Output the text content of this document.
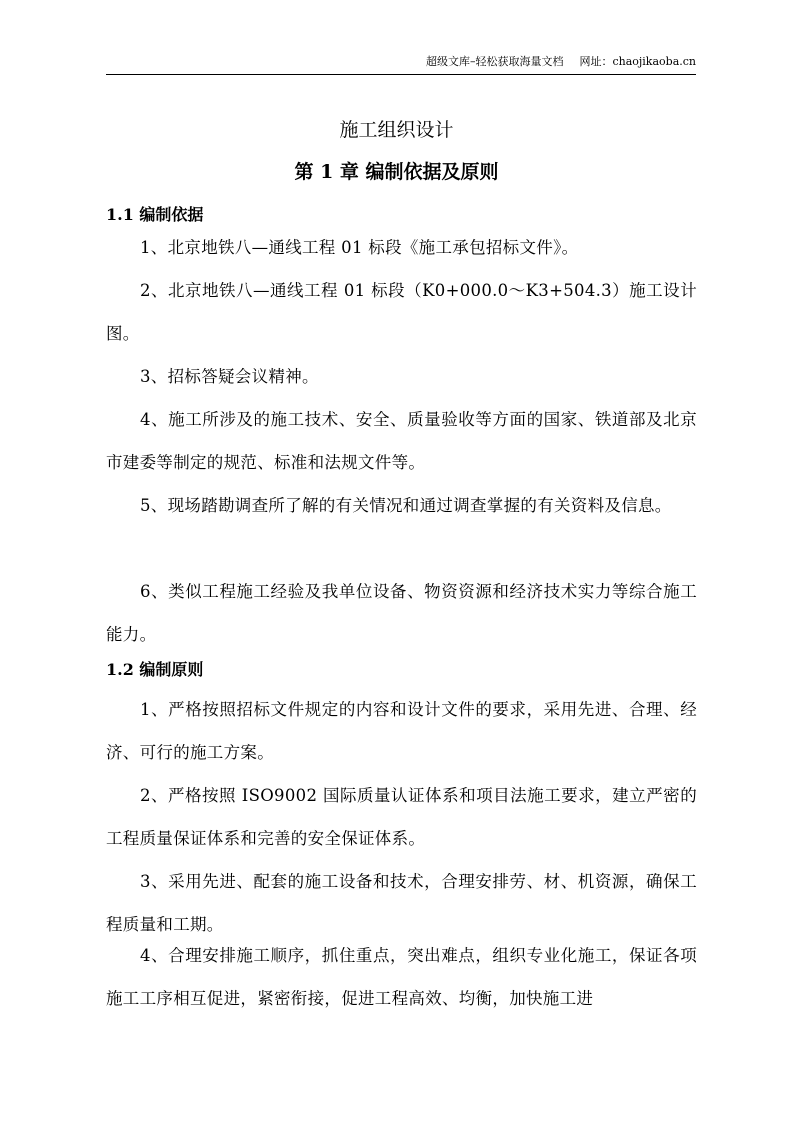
超级文库–轻松获取海量文档 网址：chaojikaoba.cn
施工组织设计
第 1 章 编制依据及原则
1.1 编制依据
1、北京地铁八—通线工程 01 标段《施工承包招标文件》。
2、北京地铁八—通线工程 01 标段（K0+000.0～K3+504.3）施工设计图。
3、招标答疑会议精神。
4、施工所涉及的施工技术、安全、质量验收等方面的国家、铁道部及北京市建委等制定的规范、标准和法规文件等。
5、现场踏勘调查所了解的有关情况和通过调查掌握的有关资料及信息。
6、类似工程施工经验及我单位设备、物资资源和经济技术实力等综合施工能力。
1.2 编制原则
1、严格按照招标文件规定的内容和设计文件的要求，采用先进、合理、经济、可行的施工方案。
2、严格按照 ISO9002 国际质量认证体系和项目法施工要求，建立严密的工程质量保证体系和完善的安全保证体系。
3、采用先进、配套的施工设备和技术，合理安排劳、材、机资源，确保工程质量和工期。
4、合理安排施工顺序，抓住重点，突出难点，组织专业化施工，保证各项施工工序相互促进，紧密衔接，促进工程高效、均衡，加快施工进
